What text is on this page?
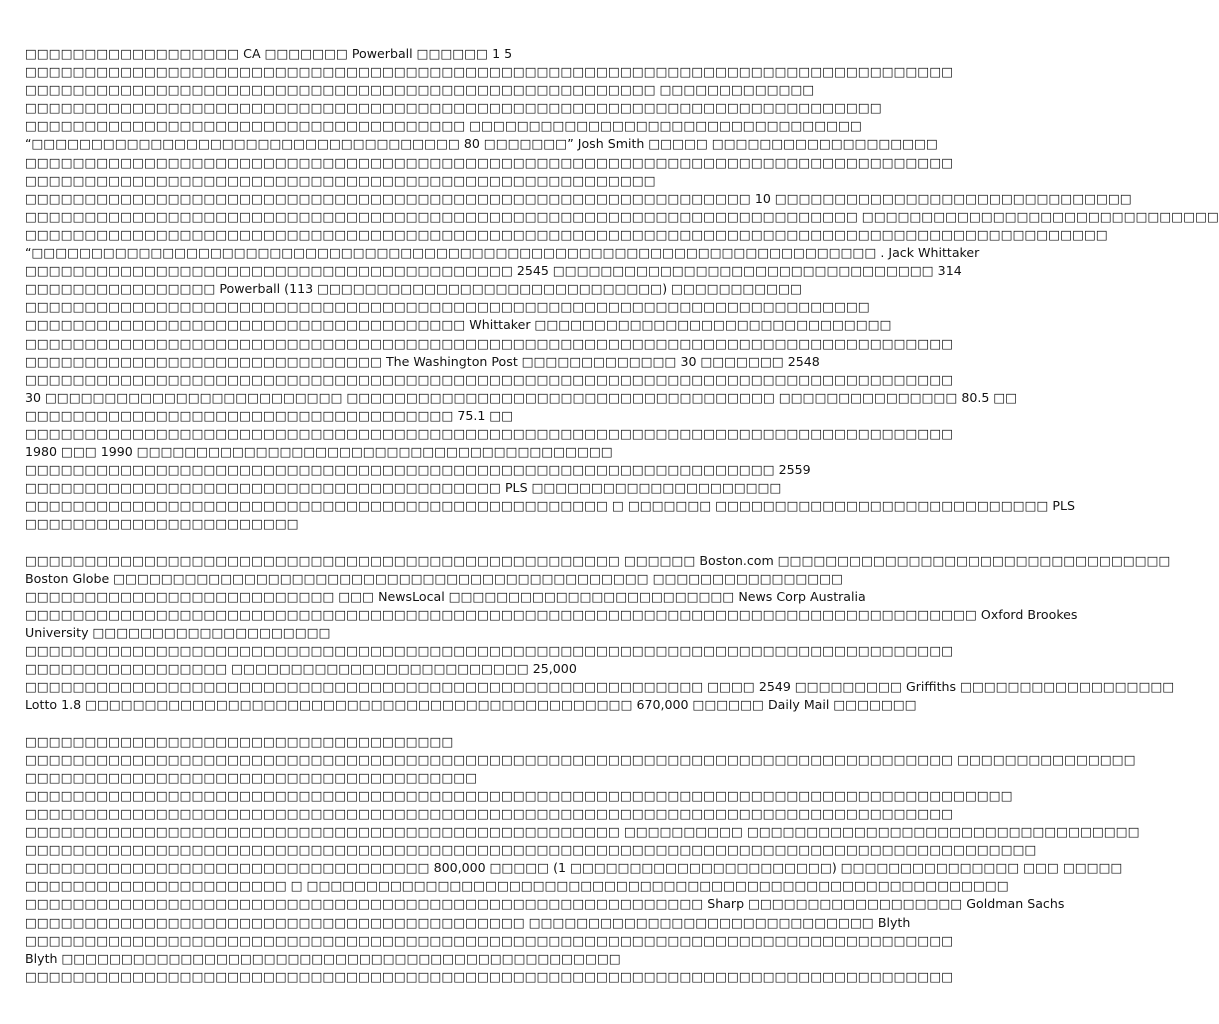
□□□□□□□□□□□□□□□□□□ CA □□□□□□□ Powerball □□□□□□ 1 5
□□□□□□□□□□□□□□□□□□□□□□□□□□□□□□□□□□□□□□□□□□□□□□□□□□□□□□□□□□□□□□□□□□□□□□□□□□□□□□
□□□□□□□□□□□□□□□□□□□□□□□□□□□□□□□□□□□□□□□□□□□□□□□□□□□□□ □□□□□□□□□□□□□
□□□□□□□□□□□□□□□□□□□□□□□□□□□□□□□□□□□□□□□□□□□□□□□□□□□□□□□□□□□□□□□□□□□□□□□□
□□□□□□□□□□□□□□□□□□□□□□□□□□□□□□□□□□□□□ □□□□□□□□□□□□□□□□□□□□□□□□□□□□□□□□□
“□□□□□□□□□□□□□□□□□□□□□□□□□□□□□□□□□□□□ 80 □□□□□□□” Josh Smith □□□□□ □□□□□□□□□□□□□□□□□□□
□□□□□□□□□□□□□□□□□□□□□□□□□□□□□□□□□□□□□□□□□□□□□□□□□□□□□□□□□□□□□□□□□□□□□□□□□□□□□□
□□□□□□□□□□□□□□□□□□□□□□□□□□□□□□□□□□□□□□□□□□□□□□□□□□□□□
□□□□□□□□□□□□□□□□□□□□□□□□□□□□□□□□□□□□□□□□□□□□□□□□□□□□□□□□□□□□□ 10 □□□□□□□□□□□□□□□□□□□□□□□□□□□□□□
□□□□□□□□□□□□□□□□□□□□□□□□□□□□□□□□□□□□□□□□□□□□□□□□□□□□□□□□□□□□□□□□□□□□□□ □□□□□□□□□□□□□□□□□□□□□□□□□□□□□□
□□□□□□□□□□□□□□□□□□□□□□□□□□□□□□□□□□□□□□□□□□□□□□□□□□□□□□□□□□□□□□□□□□□□□□□□□□□□□□□□□□□□□□□□□□□
“□□□□□□□□□□□□□□□□□□□□□□□□□□□□□□□□□□□□□□□□□□□□□□□□□□□□□□□□□□□□□□□□□□□□□□□ . Jack Whittaker
□□□□□□□□□□□□□□□□□□□□□□□□□□□□□□□□□□□□□□□□□ 2545 □□□□□□□□□□□□□□□□□□□□□□□□□□□□□□□□ 314
□□□□□□□□□□□□□□□□ Powerball (113 □□□□□□□□□□□□□□□□□□□□□□□□□□□□□) □□□□□□□□□□□
□□□□□□□□□□□□□□□□□□□□□□□□□□□□□□□□□□□□□□□□□□□□□□□□□□□□□□□□□□□□□□□□□□□□□□□
□□□□□□□□□□□□□□□□□□□□□□□□□□□□□□□□□□□□□ Whittaker □□□□□□□□□□□□□□□□□□□□□□□□□□□□□□
□□□□□□□□□□□□□□□□□□□□□□□□□□□□□□□□□□□□□□□□□□□□□□□□□□□□□□□□□□□□□□□□□□□□□□□□□□□□□□
□□□□□□□□□□□□□□□□□□□□□□□□□□□□□□ The Washington Post □□□□□□□□□□□□□ 30 □□□□□□□ 2548
□□□□□□□□□□□□□□□□□□□□□□□□□□□□□□□□□□□□□□□□□□□□□□□□□□□□□□□□□□□□□□□□□□□□□□□□□□□□□□
30 □□□□□□□□□□□□□□□□□□□□□□□□□ □□□□□□□□□□□□□□□□□□□□□□□□□□□□□□□□□□□□ □□□□□□□□□□□□□□□ 80.5 □□
□□□□□□□□□□□□□□□□□□□□□□□□□□□□□□□□□□□□ 75.1 □□
□□□□□□□□□□□□□□□□□□□□□□□□□□□□□□□□□□□□□□□□□□□□□□□□□□□□□□□□□□□□□□□□□□□□□□□□□□□□□□
1980 □□□ 1990 □□□□□□□□□□□□□□□□□□□□□□□□□□□□□□□□□□□□□□□□
□□□□□□□□□□□□□□□□□□□□□□□□□□□□□□□□□□□□□□□□□□□□□□□□□□□□□□□□□□□□□□□ 2559
□□□□□□□□□□□□□□□□□□□□□□□□□□□□□□□□□□□□□□□□ PLS □□□□□□□□□□□□□□□□□□□□□
□□□□□□□□□□□□□□□□□□□□□□□□□□□□□□□□□□□□□□□□□□□□□□□□□ □ □□□□□□□ □□□□□□□□□□□□□□□□□□□□□□□□□□□□ PLS
□□□□□□□□□□□□□□□□□□□□□□□
□□□□□□□□□□□□□□□□□□□□□□□□□□□□□□□□□□□□□□□□□□□□□□□□□□ □□□□□□ Boston.com □□□□□□□□□□□□□□□□□□□□□□□□□□□□□□□□□
Boston Globe □□□□□□□□□□□□□□□□□□□□□□□□□□□□□□□□□□□□□□□□□□□□□ □□□□□□□□□□□□□□□□
□□□□□□□□□□□□□□□□□□□□□□□□□□ □□□ NewsLocal □□□□□□□□□□□□□□□□□□□□□□□□ News Corp Australia
□□□□□□□□□□□□□□□□□□□□□□□□□□□□□□□□□□□□□□□□□□□□□□□□□□□□□□□□□□□□□□□□□□□□□□□□□□□□□□□□ Oxford Brookes
University □□□□□□□□□□□□□□□□□□□□
□□□□□□□□□□□□□□□□□□□□□□□□□□□□□□□□□□□□□□□□□□□□□□□□□□□□□□□□□□□□□□□□□□□□□□□□□□□□□□
□□□□□□□□□□□□□□□□□ □□□□□□□□□□□□□□□□□□□□□□□□□ 25,000
□□□□□□□□□□□□□□□□□□□□□□□□□□□□□□□□□□□□□□□□□□□□□□□□□□□□□□□□□ □□□□ 2549 □□□□□□□□□ Griffiths □□□□□□□□□□□□□□□□□□
Lotto 1.8 □□□□□□□□□□□□□□□□□□□□□□□□□□□□□□□□□□□□□□□□□□□□□□ 670,000 □□□□□□ Daily Mail □□□□□□□
□□□□□□□□□□□□□□□□□□□□□□□□□□□□□□□□□□□□
□□□□□□□□□□□□□□□□□□□□□□□□□□□□□□□□□□□□□□□□□□□□□□□□□□□□□□□□□□□□□□□□□□□□□□□□□□□□□□ □□□□□□□□□□□□□□□
□□□□□□□□□□□□□□□□□□□□□□□□□□□□□□□□□□□□□□
□□□□□□□□□□□□□□□□□□□□□□□□□□□□□□□□□□□□□□□□□□□□□□□□□□□□□□□□□□□□□□□□□□□□□□□□□□□□□□□□□□□
□□□□□□□□□□□□□□□□□□□□□□□□□□□□□□□□□□□□□□□□□□□□□□□□□□□□□□□□□□□□□□□□□□□□□□□□□□□□□□
□□□□□□□□□□□□□□□□□□□□□□□□□□□□□□□□□□□□□□□□□□□□□□□□□□ □□□□□□□□□□ □□□□□□□□□□□□□□□□□□□□□□□□□□□□□□□□□
□□□□□□□□□□□□□□□□□□□□□□□□□□□□□□□□□□□□□□□□□□□□□□□□□□□□□□□□□□□□□□□□□□□□□□□□□□□□□□□□□□□□□
□□□□□□□□□□□□□□□□□□□□□□□□□□□□□□□□□□ 800,000 □□□□□ (1 □□□□□□□□□□□□□□□□□□□□□□) □□□□□□□□□□□□□□□ □□□ □□□□□
□□□□□□□□□□□□□□□□□□□□□□ □ □□□□□□□□□□□□□□□□□□□□□□□□□□□□□□□□□□□□□□□□□□□□□□□□□□□□□□□□□□□
□□□□□□□□□□□□□□□□□□□□□□□□□□□□□□□□□□□□□□□□□□□□□□□□□□□□□□□□□ Sharp □□□□□□□□□□□□□□□□□□ Goldman Sachs
□□□□□□□□□□□□□□□□□□□□□□□□□□□□□□□□□□□□□□□□□□ □□□□□□□□□□□□□□□□□□□□□□□□□□□□□ Blyth
□□□□□□□□□□□□□□□□□□□□□□□□□□□□□□□□□□□□□□□□□□□□□□□□□□□□□□□□□□□□□□□□□□□□□□□□□□□□□□
Blyth □□□□□□□□□□□□□□□□□□□□□□□□□□□□□□□□□□□□□□□□□□□□□□□
□□□□□□□□□□□□□□□□□□□□□□□□□□□□□□□□□□□□□□□□□□□□□□□□□□□□□□□□□□□□□□□□□□□□□□□□□□□□□□
